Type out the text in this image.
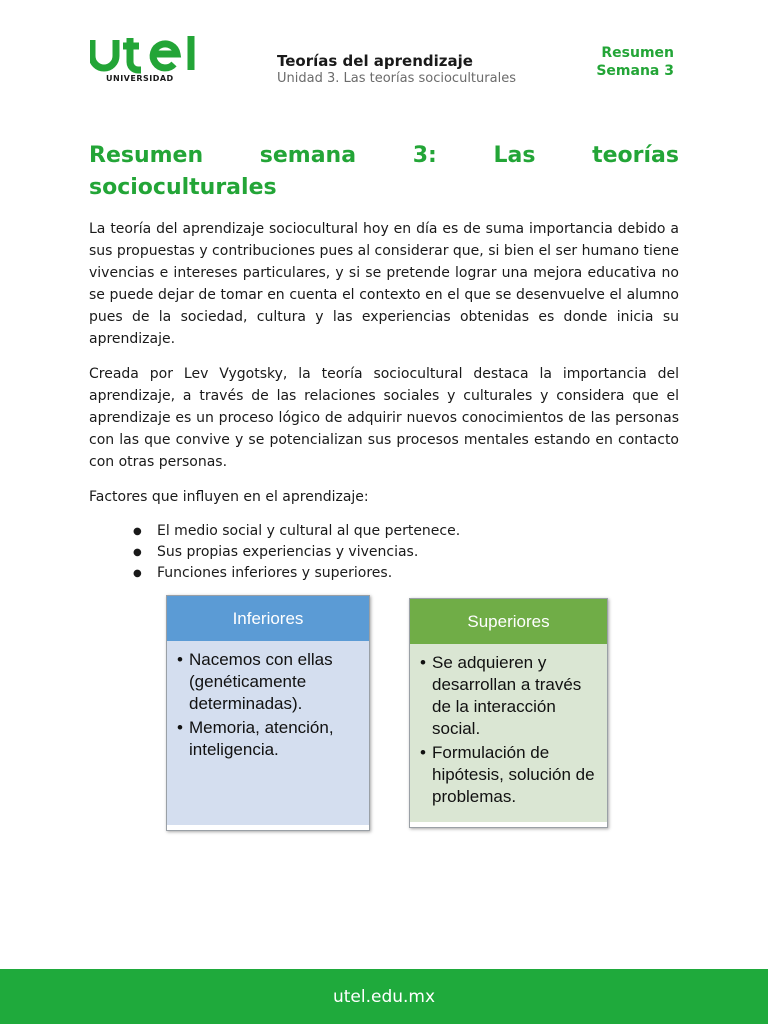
UNIVERSIDAD
Teorías del aprendizaje
Unidad 3. Las teorías socioculturales
Resumen
Semana 3
Resumen	semana	3:	Las	teorías
socioculturales

La teoría del aprendizaje sociocultural hoy en día es de suma importancia debido a sus propuestas y contribuciones pues al considerar que, si bien el ser humano tiene vivencias e intereses particulares, y si se pretende lograr una mejora educativa no se puede dejar de tomar en cuenta el contexto en el que se desenvuelve el alumno pues de la sociedad, cultura y las experiencias obtenidas es donde inicia su aprendizaje.

Creada por Lev Vygotsky, la teoría sociocultural destaca la importancia del aprendizaje, a través de las relaciones sociales y culturales y considera que el aprendizaje es un proceso lógico de adquirir nuevos conocimientos de las personas con las que convive y se potencializan sus procesos mentales estando en contacto con otras personas.

Factores que influyen en el aprendizaje:

● El medio social y cultural al que pertenece.
● Sus propias experiencias y vivencias.
● Funciones inferiores y superiores.
Inferiores
• Nacemos con ellas (genéticamente determinadas).
• Memoria, atención, inteligencia.
Superiores
• Se adquieren y desarrollan a través de la interacción social.
• Formulación de hipótesis, solución de problemas.
utel.edu.mx
